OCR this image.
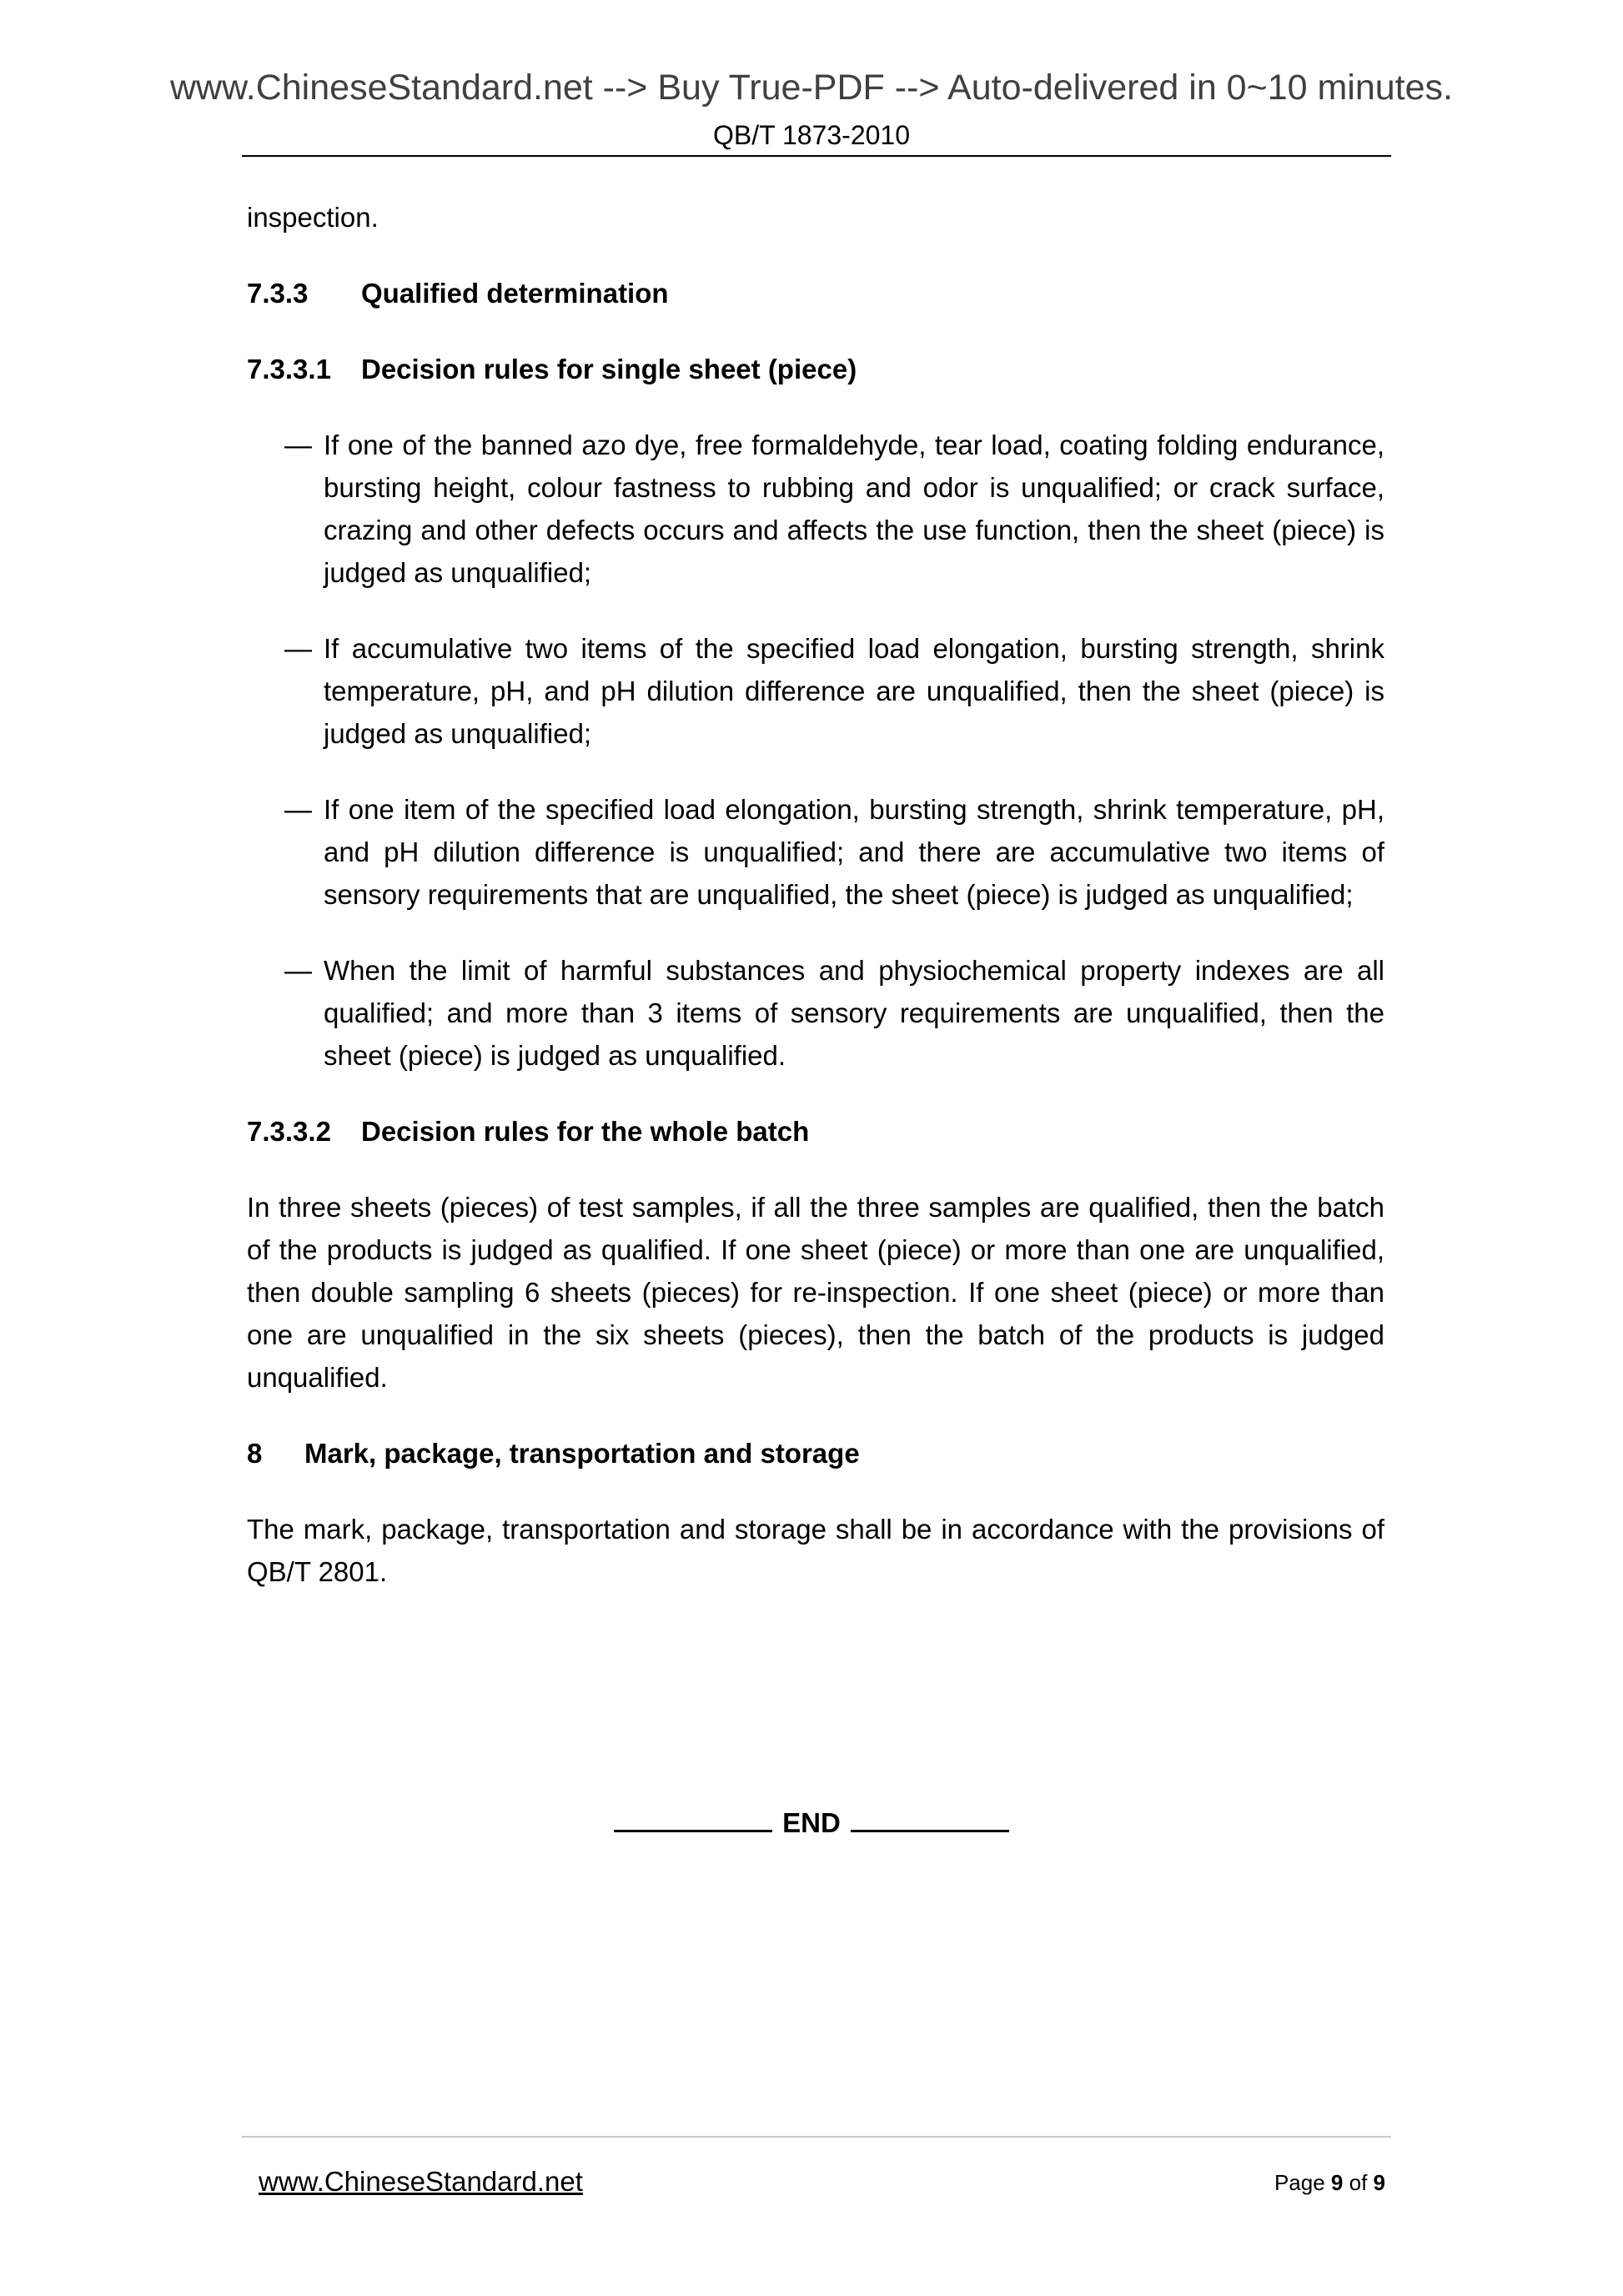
www.ChineseStandard.net --> Buy True-PDF --> Auto-delivered in 0~10 minutes.
QB/T 1873-2010

inspection.

7.3.3 Qualified determination

7.3.3.1 Decision rules for single sheet (piece)

— If one of the banned azo dye, free formaldehyde, tear load, coating folding endurance, bursting height, colour fastness to rubbing and odor is unqualified; or crack surface, crazing and other defects occurs and affects the use function, then the sheet (piece) is judged as unqualified;
— If accumulative two items of the specified load elongation, bursting strength, shrink temperature, pH, and pH dilution difference are unqualified, then the sheet (piece) is judged as unqualified;
— If one item of the specified load elongation, bursting strength, shrink temperature, pH, and pH dilution difference is unqualified; and there are accumulative two items of sensory requirements that are unqualified, the sheet (piece) is judged as unqualified;
— When the limit of harmful substances and physiochemical property indexes are all qualified; and more than 3 items of sensory requirements are unqualified, then the sheet (piece) is judged as unqualified.

7.3.3.2 Decision rules for the whole batch

In three sheets (pieces) of test samples, if all the three samples are qualified, then the batch of the products is judged as qualified. If one sheet (piece) or more than one are unqualified, then double sampling 6 sheets (pieces) for re-inspection. If one sheet (piece) or more than one are unqualified in the six sheets (pieces), then the batch of the products is judged unqualified.

8 Mark, package, transportation and storage

The mark, package, transportation and storage shall be in accordance with the provisions of QB/T 2801.

END
www.ChineseStandard.net	Page 9 of 9
